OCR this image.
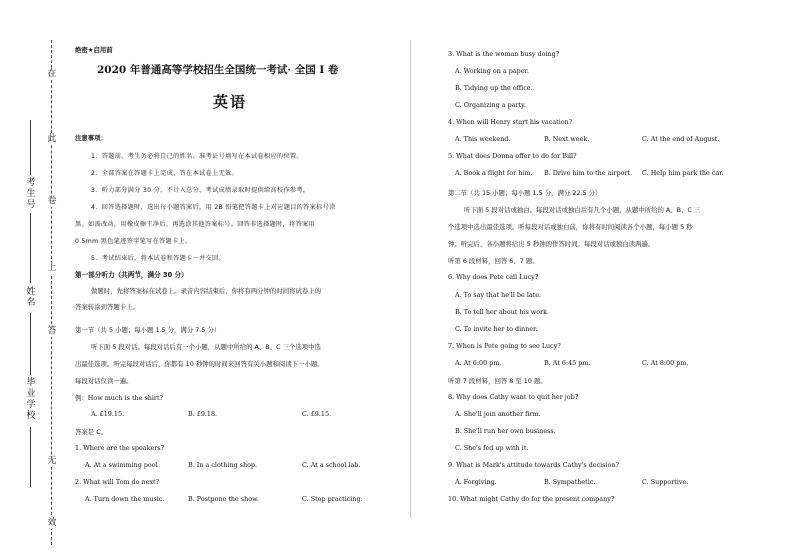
在
此
卷
上
答
无
效
考生号
姓名
毕业学校
绝密★启用前
2020 年普通高等学校招生全国统一考试· 全国 I 卷
英语
注意事项：
1．答题前，考生务必将自己的姓名、准考证号填写在本试卷相应的位置。
2．全部答案在答题卡上完成，答在本试卷上无效。
3．听力部分满分 30 分，不计入总分，考试成绩录取时提供给高校作参考。
4．回答选择题时，选出每小题答案后，用 2B 铅笔把答题卡上对应题目的答案标号涂
黑。如需改动，用橡皮擦干净后，再选涂其他答案标号。回答非选择题时，将答案用
0.5mm 黑色笔迹签字笔写在答题卡上。
5．考试结束后，将本试卷和答题卡一并交回。
第一部分听力（共两节，满分 30 分）
做题时，先将答案标在试卷上。录音内容结束后，你将有两分钟的时间将试卷上的
答案转涂到答题卡上。
第一节（共 5 小题；每小题 1.5 分，满分 7.5 分）
听下面 5 段对话。每段对话后有一个小题，从题中所给的 A、B、C 三个选项中选
出最佳选项。听完每段对话后，你都有 10 秒钟的时间来回答有关小题和阅读下一小题。
每段对话仅读一遍。
例：How much is the shirt?
A. £19.15.	B. £9.18.	C. £9.15.
答案是 C。
1. Where are the speakers?
A. At a swimming pool	B. In a clothing shop.	C. At a school lab.
2. What will Tom do next?
A. Turn down the music.	B. Postpone the show.	C. Stop practicing.
3. What is the woman busy doing?
A. Working on a paper.
B. Tidying up the office.
C. Organizing a party.
4. When will Henry start his vacation?
A. This weekend.	B. Next week.	C. At the end of August.
5. What does Donna offer to do for Bill?
A. Book a flight for him. B. Drive him to the airport. C. Help him park the car.
第二节（共 15 小题；每小题 1.5 分，满分 22.5 分）
听下面 5 段对话或独白。每段对话或独白后有几个小题，从题中所给的 A、B、C 三
个选项中选出最佳选项。听每段对话或独白前，你将有时间阅读各个小题，每小题 5 秒
钟；听完后，各小题将给出 5 秒钟的作答时间。每段对话或独白读两遍。
听第 6 段材料，回答 6、7 题。
6. Why does Pete call Lucy?
A. To say that he'll be late.
B. To tell her about his work.
C. To invite her to dinner.
7. When is Pete going to see Lucy?
A. At 6:00 pm.	B. At 6:45 pm.	C. At 8:00 pm.
听第 7 段材料，回答 8 至 10 题。
8. Why does Cathy want to quit her job?
A. She'll join another firm.
B. She'll run her own business.
C. She's fed up with it.
9. What is Mark's attitude towards Cathy's decision?
A. Forgiving.	B. Sympathetic.	C. Supportive.
10. What might Cathy do for the present company?
